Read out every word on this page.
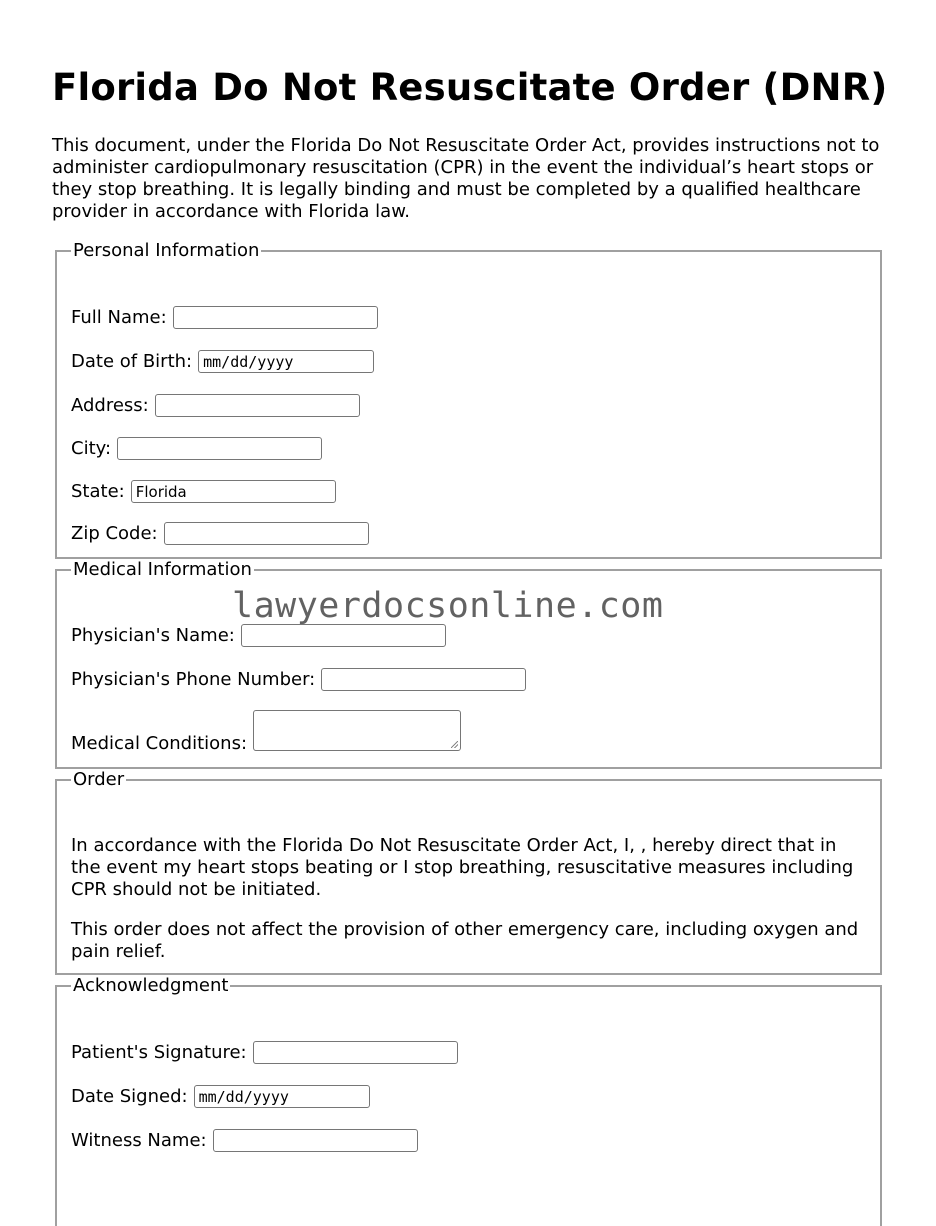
Florida Do Not Resuscitate Order (DNR)

This document, under the Florida Do Not Resuscitate Order Act, provides instructions not to administer cardiopulmonary resuscitation (CPR) in the event the individual’s heart stops or they stop breathing. It is legally binding and must be completed by a qualified healthcare provider in accordance with Florida law.

Personal Information
Full Name:
Date of Birth: mm/dd/yyyy
Address:
City:
State: Florida
Zip Code:
Medical Information
Physician's Name:
Physician's Phone Number:
Medical Conditions:
Order

In accordance with the Florida Do Not Resuscitate Order Act, I, , hereby direct that in the event my heart stops beating or I stop breathing, resuscitative measures including CPR should not be initiated.

This order does not affect the provision of other emergency care, including oxygen and pain relief.

Acknowledgment
Patient's Signature:
Date Signed: mm/dd/yyyy
Witness Name:
lawyerdocsonline.com
